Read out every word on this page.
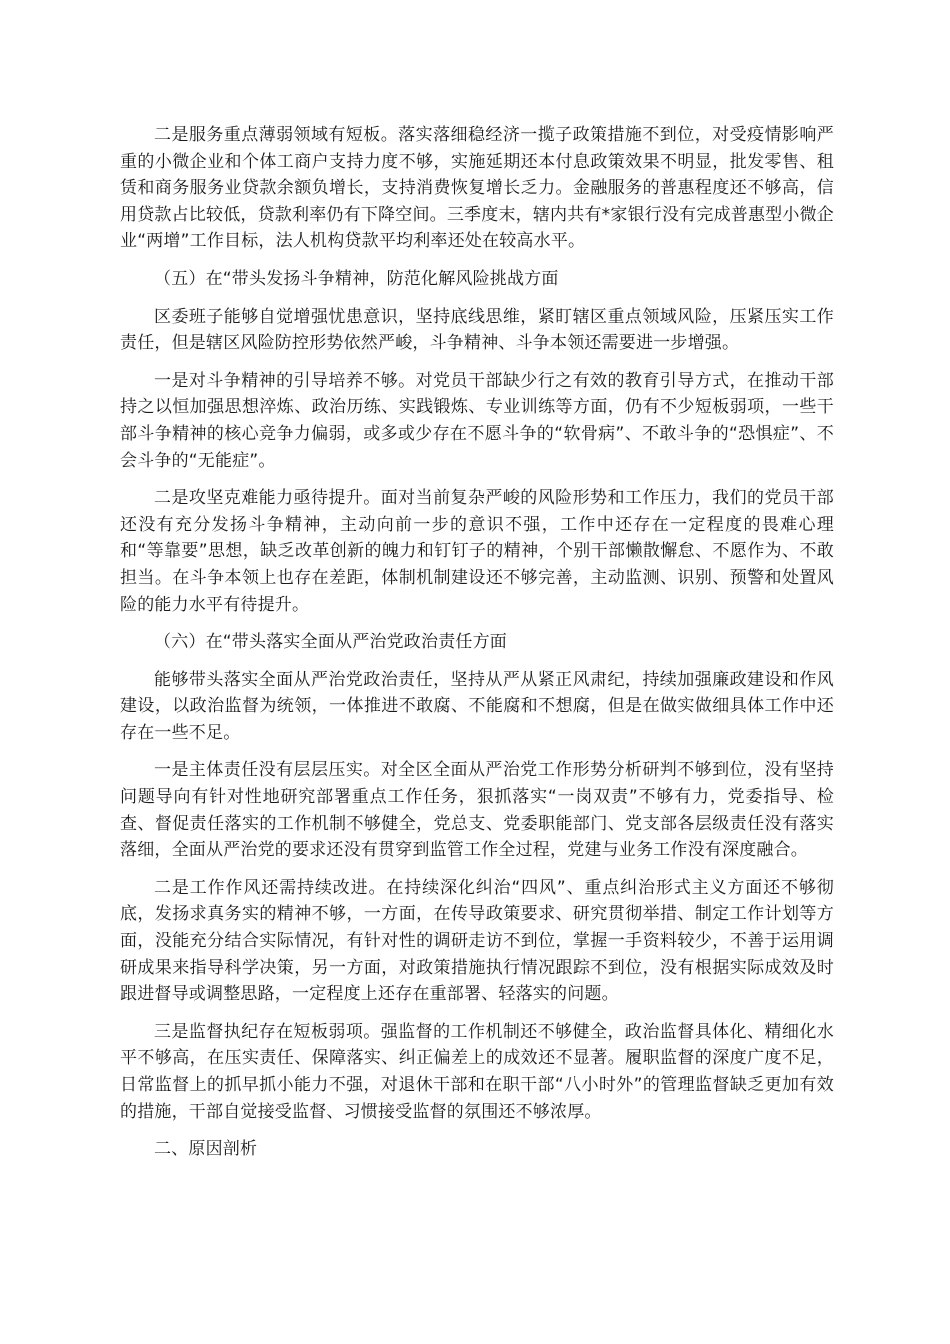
二是服务重点薄弱领域有短板。落实落细稳经济一揽子政策措施不到位，对受疫情影响严重的小微企业和个体工商户支持力度不够，实施延期还本付息政策效果不明显，批发零售、租赁和商务服务业贷款余额负增长，支持消费恢复增长乏力。金融服务的普惠程度还不够高，信用贷款占比较低，贷款利率仍有下降空间。三季度末，辖内共有*家银行没有完成普惠型小微企业“两增”工作目标，法人机构贷款平均利率还处在较高水平。

（五）在“带头发扬斗争精神，防范化解风险挑战方面

区委班子能够自觉增强忧患意识，坚持底线思维，紧盯辖区重点领域风险，压紧压实工作责任，但是辖区风险防控形势依然严峻，斗争精神、斗争本领还需要进一步增强。

一是对斗争精神的引导培养不够。对党员干部缺少行之有效的教育引导方式，在推动干部持之以恒加强思想淬炼、政治历练、实践锻炼、专业训练等方面，仍有不少短板弱项，一些干部斗争精神的核心竞争力偏弱，或多或少存在不愿斗争的“软骨病”、不敢斗争的“恐惧症”、不会斗争的“无能症”。

二是攻坚克难能力亟待提升。面对当前复杂严峻的风险形势和工作压力，我们的党员干部还没有充分发扬斗争精神，主动向前一步的意识不强，工作中还存在一定程度的畏难心理和“等靠要”思想，缺乏改革创新的魄力和钉钉子的精神，个别干部懒散懈怠、不愿作为、不敢担当。在斗争本领上也存在差距，体制机制建设还不够完善，主动监测、识别、预警和处置风险的能力水平有待提升。

（六）在“带头落实全面从严治党政治责任方面

能够带头落实全面从严治党政治责任，坚持从严从紧正风肃纪，持续加强廉政建设和作风建设，以政治监督为统领，一体推进不敢腐、不能腐和不想腐，但是在做实做细具体工作中还存在一些不足。

一是主体责任没有层层压实。对全区全面从严治党工作形势分析研判不够到位，没有坚持问题导向有针对性地研究部署重点工作任务，狠抓落实“一岗双责”不够有力，党委指导、检查、督促责任落实的工作机制不够健全，党总支、党委职能部门、党支部各层级责任没有落实落细，全面从严治党的要求还没有贯穿到监管工作全过程，党建与业务工作没有深度融合。

二是工作作风还需持续改进。在持续深化纠治“四风”、重点纠治形式主义方面还不够彻底，发扬求真务实的精神不够，一方面，在传导政策要求、研究贯彻举措、制定工作计划等方面，没能充分结合实际情况，有针对性的调研走访不到位，掌握一手资料较少，不善于运用调研成果来指导科学决策，另一方面，对政策措施执行情况跟踪不到位，没有根据实际成效及时跟进督导或调整思路，一定程度上还存在重部署、轻落实的问题。

三是监督执纪存在短板弱项。强监督的工作机制还不够健全，政治监督具体化、精细化水平不够高，在压实责任、保障落实、纠正偏差上的成效还不显著。履职监督的深度广度不足，日常监督上的抓早抓小能力不强，对退休干部和在职干部“八小时外”的管理监督缺乏更加有效的措施，干部自觉接受监督、习惯接受监督的氛围还不够浓厚。

二、原因剖析
